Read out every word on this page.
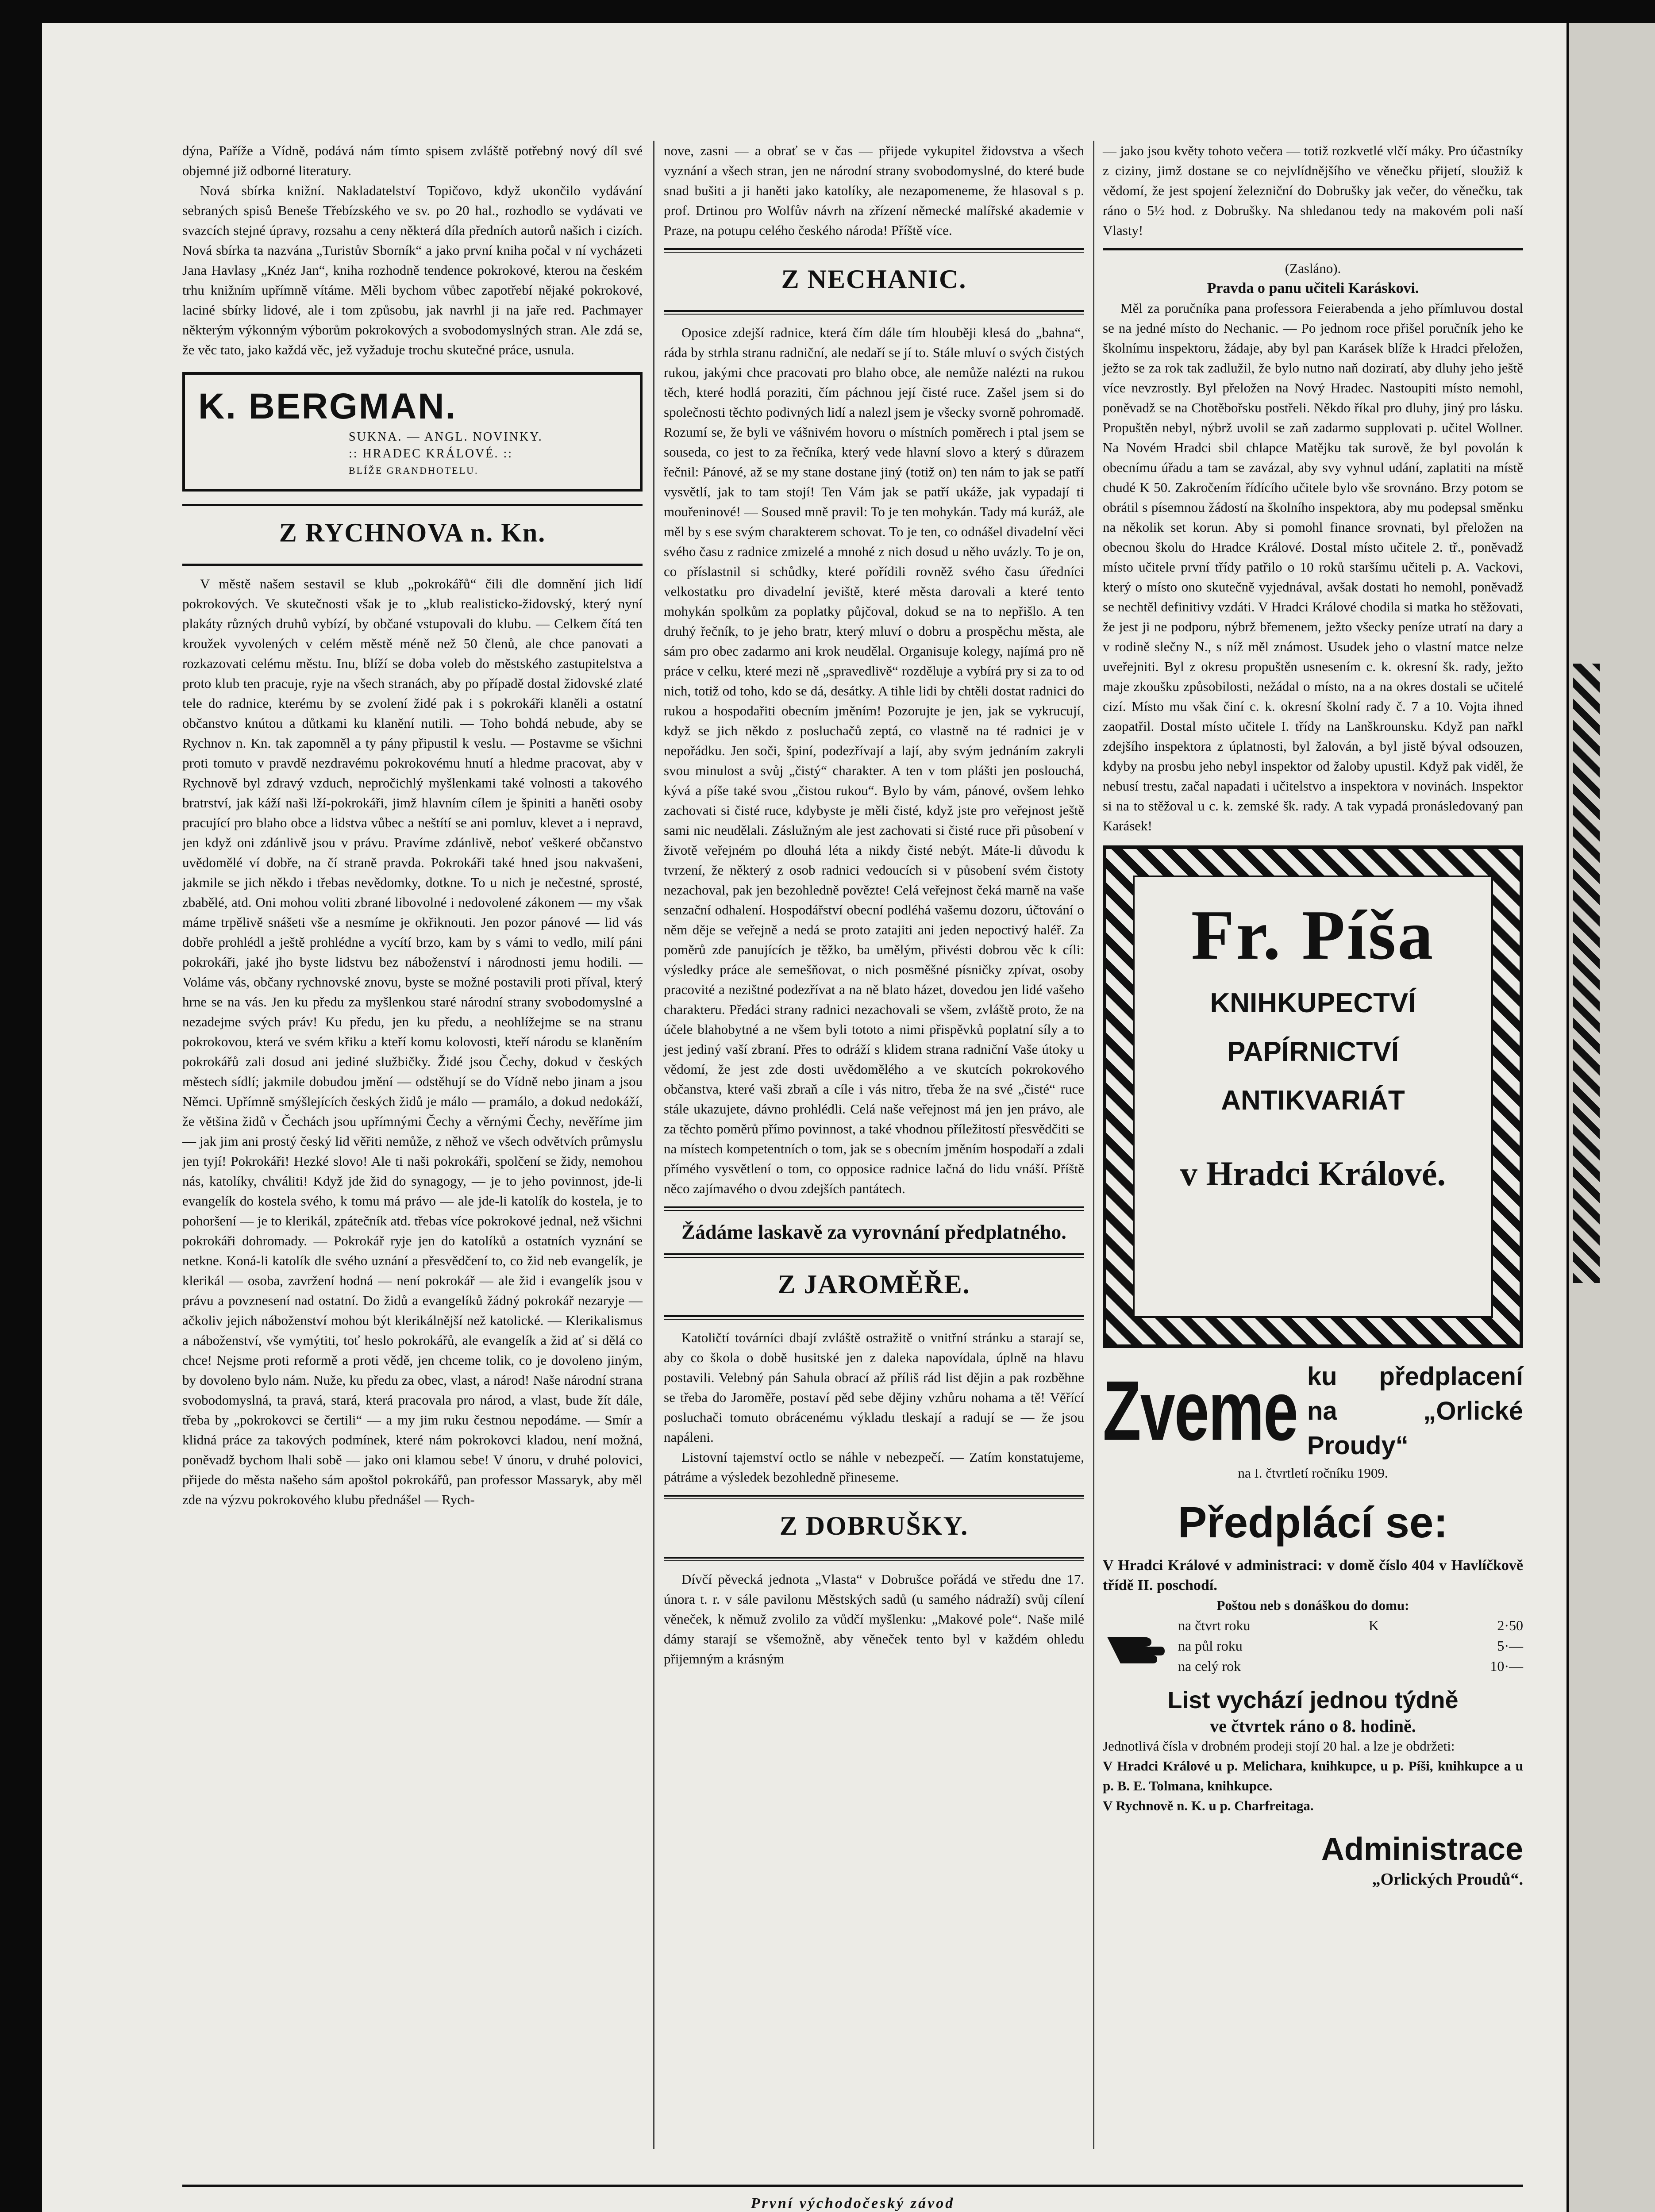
dýna, Paříže a Vídně, podává nám tímto spisem zvláště potřebný nový díl své objemné již odborné literatury.

Nová sbírka knižní. Nakladatelství Topičovo, když ukončilo vydávání sebraných spisů Beneše Třebízského ve sv. po 20 hal., rozhodlo se vydávati ve svazcích stejné úpravy, rozsahu a ceny některá díla předních autorů našich i cizích. Nová sbírka ta nazvána „Turistův Sborník“ a jako první kniha počal v ní vycházeti Jana Havlasy „Knéz Jan“, kniha rozhodně tendence pokrokové, kterou na českém trhu knižním upřímně vítáme. Měli bychom vůbec zapotřebí nějaké pokrokové, laciné sbírky lidové, ale i tom způsobu, jak navrhl ji na jaře red. Pachmayer některým výkonným výborům pokrokových a svobodomyslných stran. Ale zdá se, že věc tato, jako každá věc, jež vyžaduje trochu skutečné práce, usnula.

K. BERGMAN.
SUKNA. — ANGL. NOVINKY.
:: HRADEC KRÁLOVÉ. ::
BLÍŽE GRANDHOTELU.
Z RYCHNOVA n. Kn.

V městě našem sestavil se klub „pokrokářů“ čili dle domnění jich lidí pokrokových. Ve skutečnosti však je to „klub realisticko-židovský, který nyní plakáty různých druhů vybízí, by občané vstupovali do klubu. — Celkem čítá ten kroužek vyvolených v celém městě méně než 50 členů, ale chce panovati a rozkazovati celému městu. Inu, blíží se doba voleb do městského zastupitelstva a proto klub ten pracuje, ryje na všech stranách, aby po případě dostal židovské zlaté tele do radnice, kterému by se zvolení židé pak i s pokrokáři klaněli a ostatní občanstvo knútou a důtkami ku klanění nutili. — Toho bohdá nebude, aby se Rychnov n. Kn. tak zapomněl a ty pány připustil k veslu. — Postavme se všichni proti tomuto v pravdě nezdravému pokrokovému hnutí a hledme pracovat, aby v Rychnově byl zdravý vzduch, nepročichlý myšlenkami také volnosti a takového bratrství, jak káží naši lží-pokrokáři, jimž hlavním cílem je špiniti a haněti osoby pracující pro blaho obce a lidstva vůbec a neštítí se ani pomluv, klevet a i nepravd, jen když oni zdánlivě jsou v právu. Pravíme zdánlivě, neboť veškeré občanstvo uvědomělé ví dobře, na čí straně pravda. Pokrokáři také hned jsou nakvašeni, jakmile se jich někdo i třebas nevědomky, dotkne. To u nich je nečestné, sprosté, zbabělé, atd. Oni mohou voliti zbrané libovolné i nedovolené zákonem — my však máme trpělivě snášeti vše a nesmíme je okřiknouti. Jen pozor pánové — lid vás dobře prohlédl a ještě prohlédne a vycítí brzo, kam by s vámi to vedlo, milí páni pokrokáři, jaké jho byste lidstvu bez náboženství i národnosti jemu hodili. — Voláme vás, občany rychnovské znovu, byste se možné postavili proti příval, který hrne se na vás. Jen ku předu za myšlenkou staré národní strany svobodomyslné a nezadejme svých práv! Ku předu, jen ku předu, a neohlížejme se na stranu pokrokovou, která ve svém křiku a kteří komu kolovosti, kteří národu se klaněním pokrokářů zali dosud ani jediné službičky. Židé jsou Čechy, dokud v českých městech sídlí; jakmile dobudou jmění — odstěhují se do Vídně nebo jinam a jsou Němci. Upřímně smýšlejících českých židů je málo — pramálo, a dokud nedokáží, že většina židů v Čechách jsou upřímnými Čechy a věrnými Čechy, nevěříme jim — jak jim ani prostý český lid věřiti nemůže, z něhož ve všech odvětvích průmyslu jen tyjí! Pokrokáři! Hezké slovo! Ale ti naši pokrokáři, spolčení se židy, nemohou nás, katolíky, chváliti! Když jde žid do synagogy, — je to jeho povinnost, jde-li evangelík do kostela svého, k tomu má právo — ale jde-li katolík do kostela, je to pohoršení — je to klerikál, zpátečník atd. třebas více pokrokové jednal, než všichni pokrokáři dohromady. — Pokrokář ryje jen do katolíků a ostatních vyznání se netkne. Koná-li katolík dle svého uznání a přesvědčení to, co žid neb evangelík, je klerikál — osoba, zavržení hodná — není pokrokář — ale žid i evangelík jsou v právu a povznesení nad ostatní. Do židů a evangelíků žádný pokrokář nezaryje — ačkoliv jejich náboženství mohou být klerikálnější než katolické. — Klerikalismus a náboženství, vše vymýtiti, toť heslo pokrokářů, ale evangelík a žid ať si dělá co chce! Nejsme proti reformě a proti vědě, jen chceme tolik, co je dovoleno jiným, by dovoleno bylo nám. Nuže, ku předu za obec, vlast, a národ! Naše národní strana svobodomyslná, ta pravá, stará, která pracovala pro národ, a vlast, bude žít dále, třeba by „pokrokovci se čertili“ — a my jim ruku čestnou nepodáme. — Smír a klidná práce za takových podmínek, které nám pokrokovci kladou, není možná, poněvadž bychom lhali sobě — jako oni klamou sebe! V únoru, v druhé polovici, přijede do města našeho sám apoštol pokrokářů, pan professor Massaryk, aby měl zde na výzvu pokrokového klubu přednášel — Rych-

nove, zasni — a obrať se v čas — přijede vykupitel židovstva a všech vyznání a všech stran, jen ne národní strany svobodomyslné, do které bude snad bušiti a ji haněti jako katolíky, ale nezapomeneme, že hlasoval s p. prof. Drtinou pro Wolfův návrh na zřízení německé malířské akademie v Praze, na potupu celého českého národa! Příště více.

Z NECHANIC.

Oposice zdejší radnice, která čím dále tím hlouběji klesá do „bahna“, ráda by strhla stranu radniční, ale nedaří se jí to. Stále mluví o svých čistých rukou, jakými chce pracovati pro blaho obce, ale nemůže nalézti na rukou těch, které hodlá poraziti, čím páchnou její čisté ruce. Zašel jsem si do společnosti těchto podivných lidí a nalezl jsem je všecky svorně pohromadě. Rozumí se, že byli ve vášnivém hovoru o místních poměrech i ptal jsem se souseda, co jest to za řečníka, který vede hlavní slovo a který s důrazem řečnil: Pánové, až se my stane dostane jiný (totiž on) ten nám to jak se patří vysvětlí, jak to tam stojí! Ten Vám jak se patří ukáže, jak vypadají ti mouřeninové! — Soused mně pravil: To je ten mohykán. Tady má kuráž, ale měl by s ese svým charakterem schovat. To je ten, co odnášel divadelní věci svého času z radnice zmizelé a mnohé z nich dosud u něho uvázly. To je on, co příslastnil si schůdky, které pořídili rovněž svého času úředníci velkostatku pro divadelní jeviště, které města darovali a které tento mohykán spolkům za poplatky půjčoval, dokud se na to nepřišlo. A ten druhý řečník, to je jeho bratr, který mluví o dobru a prospěchu města, ale sám pro obec zadarmo ani krok neudělal. Organisuje kolegy, najímá pro ně práce v celku, které mezi ně „spravedlivě“ rozděluje a vybírá pry si za to od nich, totiž od toho, kdo se dá, desátky. A tihle lidi by chtěli dostat radnici do rukou a hospodařiti obecním jměním! Pozorujte je jen, jak se vykrucují, když se jich někdo z posluchačů zeptá, co vlastně na té radnici je v nepořádku. Jen soči, špiní, podezřívají a lají, aby svým jednáním zakryli svou minulost a svůj „čistý“ charakter. A ten v tom plášti jen poslouchá, kývá a píše také svou „čistou rukou“. Bylo by vám, pánové, ovšem lehko zachovati si čisté ruce, kdybyste je měli čisté, když jste pro veřejnost ještě sami nic neudělali. Záslužným ale jest zachovati si čisté ruce při působení v životě veřejném po dlouhá léta a nikdy čisté nebýt. Máte-li důvodu k tvrzení, že některý z osob radnici vedoucích si v působení svém čistoty nezachoval, pak jen bezohledně povězte! Celá veřejnost čeká marně na vaše senzační odhalení. Hospodářství obecní podléhá vašemu dozoru, účtování o něm děje se veřejně a nedá se proto zatajiti ani jeden nepoctivý haléř. Za poměrů zde panujících je těžko, ba umělým, přivésti dobrou věc k cíli: výsledky práce ale semešňovat, o nich posměšné písničky zpívat, osoby pracovité a nezištné podezřívat a na ně blato házet, dovedou jen lidé vašeho charakteru. Předáci strany radnici nezachovali se všem, zvláště proto, že na účele blahobytné a ne všem byli tototo a nimi přispěvků poplatní síly a to jest jediný vaší zbraní. Přes to odráží s klidem strana radniční Vaše útoky u vědomí, že jest zde dosti uvědomělého a ve skutcích pokrokového občanstva, které vaši zbraň a cíle i vás nitro, třeba že na své „čisté“ ruce stále ukazujete, dávno prohlédli. Celá naše veřejnost má jen jen právo, ale za těchto poměrů přímo povinnost, a také vhodnou příležitostí přesvědčiti se na místech kompetentních o tom, jak se s obecním jměním hospodaří a zdali přímého vysvětlení o tom, co opposice radnice lačná do lidu vnáší. Příště něco zajímavého o dvou zdejších pantátech.

Žádáme laskavě za vyrovnání předplatného.
Z JAROMĚŘE.

Katoličtí továrníci dbají zvláště ostražitě o vnitřní stránku a starají se, aby co škola o době husitské jen z daleka napovídala, úplně na hlavu postavili. Velebný pán Sahula obrací až příliš rád list dějin a pak rozběhne se třeba do Jaroměře, postaví pěd sebe dějiny vzhůru nohama a tě! Věřící posluchači tomuto obrácenému výkladu tleskají a radují se — že jsou napáleni.

Listovní tajemství octlo se náhle v nebezpečí. — Zatím konstatujeme, pátráme a výsledek bezohledně přineseme.

Z DOBRUŠKY.

Dívčí pěvecká jednota „Vlasta“ v Dobrušce pořádá ve středu dne 17. února t. r. v sále pavilonu Městských sadů (u samého nádraží) svůj cílení věneček, k němuž zvolilo za vůdčí myšlenku: „Makové pole“. Naše milé dámy starají se všemožně, aby věneček tento byl v každém ohledu přijemným a krásným

— jako jsou květy tohoto večera — totiž rozkvetlé vlčí máky. Pro účastníky z ciziny, jimž dostane se co nejvlídnějšího ve věnečku přijetí, sloužiž k vědomí, že jest spojení železniční do Dobrušky jak večer, do věnečku, tak ráno o 5½ hod. z Dobrušky. Na shledanou tedy na makovém poli naší Vlasty!

(Zasláno).

Pravda o panu učiteli Karáskovi.

Měl za poručníka pana professora Feierabenda a jeho přímluvou dostal se na jedné místo do Nechanic. — Po jednom roce přišel poručník jeho ke školnímu inspektoru, žádaje, aby byl pan Karásek blíže k Hradci přeložen, ježto se za rok tak zadlužil, že bylo nutno naň doziratí, aby dluhy jeho ještě více nevzrostly. Byl přeložen na Nový Hradec. Nastoupiti místo nemohl, poněvadž se na Chotěbořsku postřeli. Někdo říkal pro dluhy, jiný pro lásku. Propuštěn nebyl, nýbrž uvolil se zaň zadarmo supplovati p. učitel Wollner. Na Novém Hradci sbil chlapce Matějku tak surově, že byl povolán k obecnímu úřadu a tam se zavázal, aby svy vyhnul udání, zaplatiti na místě chudé K 50. Zakročením řídícího učitele bylo vše srovnáno. Brzy potom se obrátil s písemnou žádostí na školního inspektora, aby mu podepsal směnku na několik set korun. Aby si pomohl finance srovnati, byl přeložen na obecnou školu do Hradce Králové. Dostal místo učitele 2. tř., poněvadž místo učitele první třídy patřilo o 10 roků staršímu učiteli p. A. Vackovi, který o místo ono skutečně vyjednával, avšak dostati ho nemohl, poněvadž se nechtěl definitivy vzdáti. V Hradci Králové chodila si matka ho stěžovati, že jest ji ne podporu, nýbrž břemenem, ježto všecky peníze utratí na dary a v rodině slečny N., s níž měl známost. Usudek jeho o vlastní matce nelze uveřejniti. Byl z okresu propuštěn usnesením c. k. okresní šk. rady, ježto maje zkoušku způsobilosti, nežádal o místo, na a na okres dostali se učitelé cizí. Místo mu však činí c. k. okresní školní rady č. 7 a 10. Vojta ihned zaopatřil. Dostal místo učitele I. třídy na Lanškrounsku. Když pan nařkl zdejšího inspektora z úplatnosti, byl žalován, a byl jistě býval odsouzen, kdyby na prosbu jeho nebyl inspektor od žaloby upustil. Když pak viděl, že nebusí trestu, začal napadati i učitelstvo a inspektora v novinách. Inspektor si na to stěžoval u c. k. zemské šk. rady. A tak vypadá pronásledovaný pan Karásek!

Fr. Píša
KNIHKUPECTVÍ
PAPÍRNICTVÍ
ANTIKVARIÁT
v Hradci Králové.
Zveme ku předplacení na „Orlické Proudy“

na I. čtvrtletí ročníku 1909.

Předplácí se:

V Hradci Králové v administraci: v domě číslo 404 v Havlíčkově třídě II. poschodí.

Poštou neb s donáškou do domu:

na čtvrt roku	K	2·50
na půl roku	5·—
na celý rok	10·—
List vychází jednou týdně

ve čtvrtek ráno o 8. hodině.

Jednotlivá čísla v drobném prodeji stojí 20 hal. a lze je obdržeti:

V Hradci Králové u p. Melichara, knihkupce, u p. Píši, knihkupce a u p. B. E. Tolmana, knihkupce.

V Rychnově n. K. u p. Charfreitaga.

Administrace

„Orlických Proudů“.

První východočeský závod
